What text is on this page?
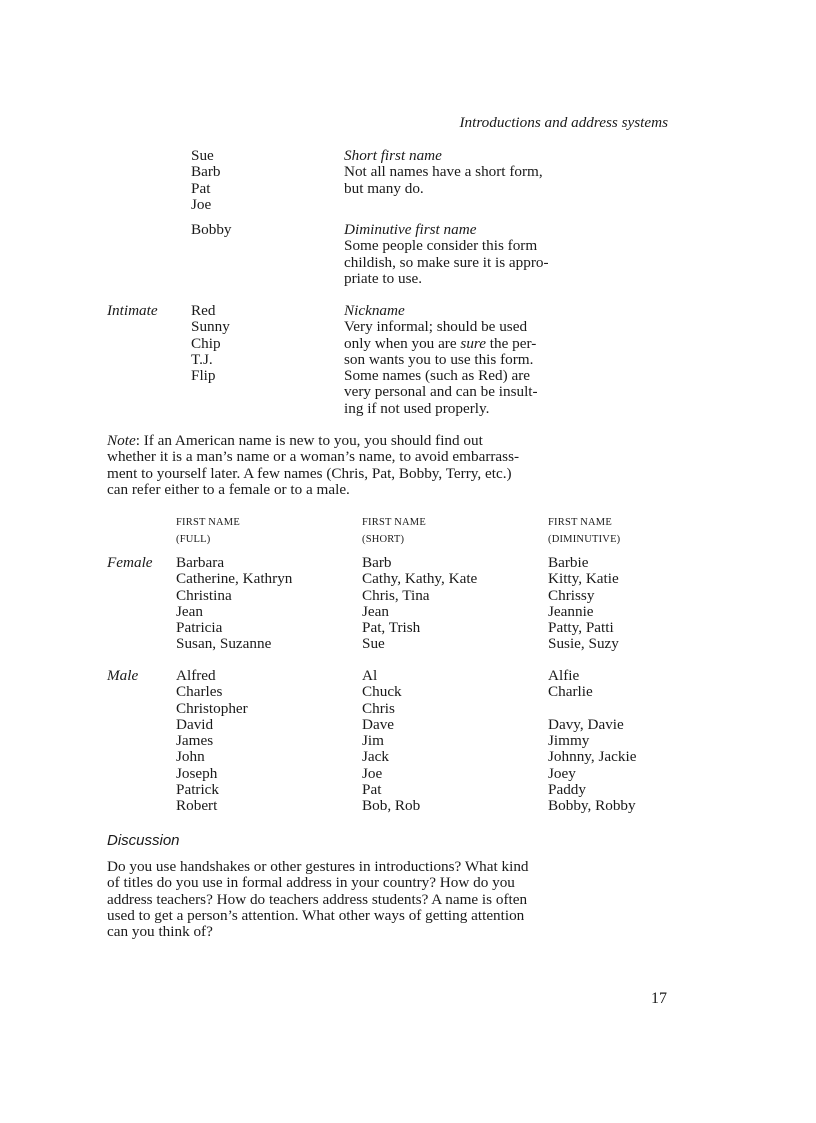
Introductions and address systems
Sue
Barb
Pat
Joe
Short first name
Not all names have a short form,
but many do.
Bobby	Diminutive first name
Some people consider this form
childish, so make sure it is appro-
priate to use.
Intimate Red
Sunny
Chip
T.J.
Flip
Nickname
Very informal; should be used
only when you are sure the per-
son wants you to use this form.
Some names (such as Red) are
very personal and can be insult-
ing if not used properly.
Note: If an American name is new to you, you should find out
whether it is a man’s name or a woman’s name, to avoid embarrass-
ment to yourself later. A few names (Chris, Pat, Bobby, Terry, etc.)
can refer either to a female or to a male.
FIRST NAME
(FULL)
FIRST NAME
(SHORT)
FIRST NAME
(DIMINUTIVE)
Female Barbara
Catherine, Kathryn
Christina
Jean
Patricia
Susan, Suzanne
Barb
Cathy, Kathy, Kate
Chris, Tina
Jean
Pat, Trish
Sue
Barbie
Kitty, Katie
Chrissy
Jeannie
Patty, Patti
Susie, Suzy
Male Alfred
Charles
Christopher
David
James
John
Joseph
Patrick
Robert
Al
Chuck
Chris
Dave
Jim
Jack
Joe
Pat
Bob, Rob
Alfie
Charlie
Davy, Davie
Jimmy
Johnny, Jackie
Joey
Paddy
Bobby, Robby
Discussion
Do you use handshakes or other gestures in introductions? What kind
of titles do you use in formal address in your country? How do you
address teachers? How do teachers address students? A name is often
used to get a person’s attention. What other ways of getting attention
can you think of?
17
